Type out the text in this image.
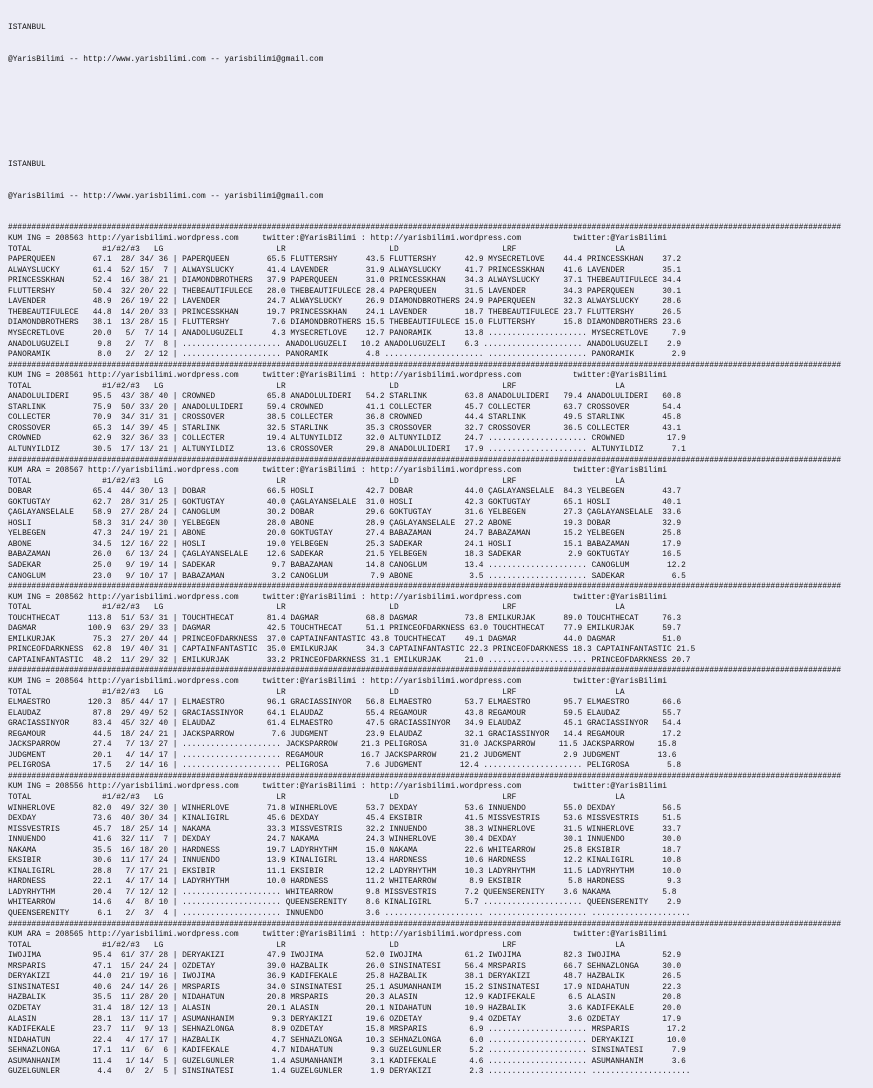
ISTANBUL

@YarisBilimi -- http://www.yarisbilimi.com -- yarisbilimi@gmail.com

ISTANBUL

@YarisBilimi -- http://www.yarisbilimi.com -- yarisbilimi@gmail.com

#################################################################################################################################################################################
KUM ING = 208563 http://yarisbilimi.wordpress.com     twitter:@YarisBilimi : http://yarisbilimi.wordpress.com           twitter:@YarisBilimi
TOTAL               #1/#2/#3   LG                        LR                      LD                      LRF                     LA
PAPERQUEEN        67.1  28/ 34/ 36 | PAPERQUEEN        65.5 FLUTTERSHY      43.5 FLUTTERSHY      42.9 MYSECRETLOVE    44.4 PRINCESSKHAN    37.2
ALWAYSLUCKY       61.4  52/ 15/  7 | ALWAYSLUCKY       41.4 LAVENDER        31.9 ALWAYSLUCKY     41.7 PRINCESSKHAN    41.6 LAVENDER        35.1
PRINCESSKHAN      52.4  16/ 38/ 21 | DIAMONDBROTHERS   37.9 PAPERQUEEN      31.0 PRINCESSKHAN    34.3 ALWAYSLUCKY     37.1 THEBEAUTIFULECE 34.4
FLUTTERSHY        50.4  32/ 20/ 22 | THEBEAUTIFULECE   28.0 THEBEAUTIFULECE 28.4 PAPERQUEEN      31.5 LAVENDER        34.3 PAPERQUEEN      30.1
LAVENDER          48.9  26/ 19/ 22 | LAVENDER          24.7 ALWAYSLUCKY     26.9 DIAMONDBROTHERS 24.9 PAPERQUEEN      32.3 ALWAYSLUCKY     28.6
THEBEAUTIFULECE   44.8  14/ 20/ 33 | PRINCESSKHAN      19.7 PRINCESSKHAN    24.1 LAVENDER        18.7 THEBEAUTIFULECE 23.7 FLUTTERSHY      26.5
DIAMONDBROTHERS   38.1  13/ 28/ 15 | FLUTTERSHY         7.6 DIAMONDBROTHERS 15.5 THEBEAUTIFULECE 15.0 FLUTTERSHY      15.8 DIAMONDBROTHERS 23.6
MYSECRETLOVE      20.0   5/  7/ 14 | ANADOLUGÜZELI      4.3 MYSECRETLOVE    12.7 PANORAMIK       13.8 ..................... MYSECRETLOVE     7.9
ANADOLUGÜZELI      9.8   2/  7/  8 | ..................... ANADOLUGÜZELI   10.2 ANADOLUGÜZELI    6.3 ..................... ANADOLUGÜZELI    2.9
PANORAMIK          8.0   2/  2/ 12 | ..................... PANORAMIK        4.8 ..................... ..................... PANORAMIK        2.9
#################################################################################################################################################################################
KUM ING = 208561 http://yarisbilimi.wordpress.com     twitter:@YarisBilimi : http://yarisbilimi.wordpress.com           twitter:@YarisBilimi
TOTAL               #1/#2/#3   LG                        LR                      LD                      LRF                     LA
ANADOLULIDERI     95.5  43/ 38/ 40 | CROWNED           65.8 ANADOLULIDERI   54.2 STARLINK        63.8 ANADOLULIDERI   79.4 ANADOLULIDERI   60.8
STARLINK          75.9  50/ 33/ 20 | ANADOLULIDERI     59.4 CROWNED         41.1 COLLECTER       45.7 COLLECTER       63.7 CROSSOVER       54.4
COLLECTER         70.9  34/ 31/ 31 | CROSSOVER         38.5 COLLECTER       36.8 CROWNED         44.4 STARLINK        49.5 STARLINK        45.8
CROSSOVER         65.3  14/ 39/ 45 | STARLINK          32.5 STARLINK        35.3 CROSSOVER       32.7 CROSSOVER       36.5 COLLECTER       43.1
CROWNED           62.9  32/ 36/ 33 | COLLECTER         19.4 ALTUNYILDIZ     32.0 ALTUNYILDIZ     24.7 ..................... CROWNED         17.9
ALTUNYILDIZ       30.5  17/ 13/ 21 | ALTUNYILDIZ       13.6 CROSSOVER       29.8 ANADOLULIDERI   17.9 ..................... ALTUNYILDIZ      7.1
#################################################################################################################################################################################
KUM ARA = 208567 http://yarisbilimi.wordpress.com     twitter:@YarisBilimi : http://yarisbilimi.wordpress.com           twitter:@YarisBilimi
TOTAL               #1/#2/#3   LG                        LR                      LD                      LRF                     LA
DOBAR             65.4  44/ 30/ 13 | DOBAR             66.5 HOSLI           42.7 DOBAR           44.0 ÇAGLAYANSELALE  84.3 YELBEGEN        43.7
GÖKTUGTAY         62.7  28/ 31/ 25 | GÖKTUGTAY         40.0 ÇAGLAYANSELALE  31.0 HOSLI           42.3 GÖKTUGTAY       65.1 HOSLI           40.1
ÇAGLAYANSELALE    58.9  27/ 28/ 24 | CANOGLUM          30.2 DOBAR           29.6 GÖKTUGTAY       31.6 YELBEGEN        27.3 ÇAGLAYANSELALE  33.6
HOSLI             58.3  31/ 24/ 30 | YELBEGEN          28.0 ABONE           28.9 ÇAGLAYANSELALE  27.2 ABONE           19.3 DOBAR           32.9
YELBEGEN          47.3  24/ 19/ 21 | ABONE             20.0 GÖKTUGTAY       27.4 BABAZAMAN       24.7 BABAZAMAN       15.2 YELBEGEN        25.8
ABONE             34.5  12/ 16/ 22 | HOSLI             19.0 YELBEGEN        25.3 SADEKAR         24.1 HOSLI           15.1 BABAZAMAN       17.9
BABAZAMAN         26.0   6/ 13/ 24 | ÇAGLAYANSELALE    12.6 SADEKAR         21.5 YELBEGEN        18.3 SADEKAR          2.9 GÖKTUGTAY       16.5
SADEKAR           25.0   9/ 19/ 14 | SADEKAR            9.7 BABAZAMAN       14.8 CANOGLUM        13.4 ..................... CANOGLUM        12.2
CANOGLUM          23.0   9/ 10/ 17 | BABAZAMAN          3.2 CANOGLUM         7.9 ABONE            3.5 ..................... SADEKAR          6.5
#################################################################################################################################################################################
KUM ING = 208562 http://yarisbilimi.wordpress.com     twitter:@YarisBilimi : http://yarisbilimi.wordpress.com           twitter:@YarisBilimi
TOTAL               #1/#2/#3   LG                        LR                      LD                      LRF                     LA
TOUCHTHECAT      113.8  51/ 53/ 31 | TOUCHTHECAT       81.4 DAGMAR          68.8 DAGMAR          73.8 EMILKURJAK      89.0 TOUCHTHECAT     76.3
DAGMAR           100.9  63/ 29/ 33 | DAGMAR            42.5 TOUCHTHECAT     51.1 PRINCEOFDARKNESS 63.0 TOUCHTHECAT    77.9 EMILKURJAK      59.7
EMILKURJAK        75.3  27/ 20/ 44 | PRINCEOFDARKNESS  37.0 CAPTAINFANTASTIC 43.8 TOUCHTHECAT    49.1 DAGMAR          44.0 DAGMAR          51.0
PRINCEOFDARKNESS  62.8  19/ 40/ 31 | CAPTAINFANTASTIC  35.0 EMILKURJAK      34.3 CAPTAINFANTASTIC 22.3 PRINCEOFDARKNESS 18.3 CAPTAINFANTASTIC 21.5
CAPTAINFANTASTIC  48.2  11/ 29/ 32 | EMILKURJAK        33.2 PRINCEOFDARKNESS 31.1 EMILKURJAK     21.0 ..................... PRINCEOFDARKNESS 20.7
#################################################################################################################################################################################
KUM ING = 208564 http://yarisbilimi.wordpress.com     twitter:@YarisBilimi : http://yarisbilimi.wordpress.com           twitter:@YarisBilimi
TOTAL               #1/#2/#3   LG                        LR                      LD                      LRF                     LA
ELMAESTRO        120.3  85/ 44/ 17 | ELMAESTRO         96.1 GRACIASSINYOR   56.8 ELMAESTRO       53.7 ELMAESTRO       95.7 ELMAESTRO       66.6
ELAUDAZ           87.8  29/ 49/ 52 | GRACIASSINYOR     64.1 ELAUDAZ         55.4 REGAMOUR        43.8 REGAMOUR        59.5 ELAUDAZ         55.7
GRACIASSINYOR     83.4  45/ 32/ 40 | ELAUDAZ           61.4 ELMAESTRO       47.5 GRACIASSINYOR   34.9 ELAUDAZ         45.1 GRACIASSINYOR   54.4
REGAMOUR          44.5  18/ 24/ 21 | JACKSPARROW        7.6 JUDGMENT        23.9 ELAUDAZ         32.1 GRACIASSINYOR   14.4 REGAMOUR        17.2
JACKSPARROW       27.4   7/ 13/ 27 | ..................... JACKSPARROW     21.3 PELIGROSA       31.0 JACKSPARROW     11.5 JACKSPARROW     15.8
JUDGMENT          20.1   4/ 14/ 17 | ..................... REGAMOUR        16.7 JACKSPARROW     21.2 JUDGMENT         2.9 JUDGMENT        13.6
PELIGROSA         17.5   2/ 14/ 16 | ..................... PELIGROSA        7.6 JUDGMENT        12.4 ..................... PELIGROSA        5.8
#################################################################################################################################################################################
KUM ING = 208556 http://yarisbilimi.wordpress.com     twitter:@YarisBilimi : http://yarisbilimi.wordpress.com           twitter:@YarisBilimi
TOTAL               #1/#2/#3   LG                        LR                      LD                      LRF                     LA
WINHERLOVE        82.0  49/ 32/ 30 | WINHERLOVE        71.8 WINHERLOVE      53.7 DEXDAY          53.6 INNUENDO        55.0 DEXDAY          56.5
DEXDAY            73.6  40/ 30/ 34 | KINALIGIRL        45.6 DEXDAY          45.4 EKSIBIR         41.5 MISSVESTRIS     53.6 MISSVESTRIS     51.5
MISSVESTRIS       45.7  18/ 25/ 14 | NAKAMA            33.3 MISSVESTRIS     32.2 INNUENDO        38.3 WINHERLOVE      31.5 WINHERLOVE      33.7
INNUENDO          41.6  32/ 11/  7 | DEXDAY            24.7 NAKAMA          24.3 WINHERLOVE      30.4 DEXDAY          30.1 INNUENDO        30.0
NAKAMA            35.5  16/ 18/ 20 | HARDNESS          19.7 LADYRHYTHM      15.0 NAKAMA          22.6 WHITEARROW      25.8 EKSIBIR         18.7
EKSIBIR           30.6  11/ 17/ 24 | INNUENDO          13.9 KINALIGIRL      13.4 HARDNESS        10.6 HARDNESS        12.2 KINALIGIRL      10.8
KINALIGIRL        28.8   7/ 17/ 21 | EKSIBIR           11.1 EKSIBIR         12.2 LADYRHYTHM      10.3 LADYRHYTHM      11.5 LADYRHYTHM      10.0
HARDNESS          22.1   4/ 17/ 14 | LADYRHYTHM        10.0 HARDNESS        11.2 WHITEARROW       8.9 EKSIBIR          5.8 HARDNESS         9.3
LADYRHYTHM        20.4   7/ 12/ 12 | ..................... WHITEARROW       9.8 MISSVESTRIS      7.2 QUEENSERENITY    3.6 NAKAMA           5.8
WHITEARROW        14.6   4/  8/ 10 | ..................... QUEENSERENITY    8.6 KINALIGIRL       5.7 ..................... QUEENSERENITY    2.9
QUEENSERENITY      6.1   2/  3/  4 | ..................... INNUENDO         3.6 ..................... ..................... .....................
#################################################################################################################################################################################
KUM ARA = 208565 http://yarisbilimi.wordpress.com     twitter:@YarisBilimi : http://yarisbilimi.wordpress.com           twitter:@YarisBilimi
TOTAL               #1/#2/#3   LG                        LR                      LD                      LRF                     LA
IWOJIMA           95.4  61/ 37/ 28 | DERYAKIZI         47.9 IWOJIMA         52.0 IWOJIMA         61.2 IWOJIMA         82.3 IWOJIMA         52.9
MRSPARIS          47.1  15/ 24/ 24 | ÖZDETAY           39.0 HAZBALIK        26.0 SINSINATESI     56.4 MRSPARIS        66.7 SEHNAZLONGA     30.0
DERYAKIZI         44.0  21/ 19/ 16 | IWOJIMA           36.9 KADIFEKALE      25.8 HAZBALIK        38.1 DERYAKIZI       48.7 HAZBALIK        26.5
SINSINATESI       40.6  24/ 14/ 26 | MRSPARIS          34.0 SINSINATESI     25.1 ASUMANHANIM     15.2 SINSINATESI     17.9 NIDAHATUN       22.3
HAZBALIK          35.5  11/ 28/ 20 | NIDAHATUN         20.8 MRSPARIS        20.3 ALASIN          12.9 KADIFEKALE       6.5 ALASIN          20.8
ÖZDETAY           31.4  18/ 12/ 13 | ALASIN            20.1 ALASIN          20.1 NIDAHATUN       10.9 HAZBALIK         3.6 KADIFEKALE      20.0
ALASIN            28.1  13/ 11/ 17 | ASUMANHANIM        9.3 DERYAKIZI       19.6 ÖZDETAY          9.4 ÖZDETAY          3.6 ÖZDETAY         17.9
KADIFEKALE        23.7  11/  9/ 13 | SEHNAZLONGA        8.9 ÖZDETAY         15.8 MRSPARIS         6.9 ..................... MRSPARIS        17.2
NIDAHATUN         22.4   4/ 17/ 17 | HAZBALIK           4.7 SEHNAZLONGA     10.3 SEHNAZLONGA      6.0 ..................... DERYAKIZI       10.0
SEHNAZLONGA       17.1  11/  6/  6 | KADIFEKALE         4.7 NIDAHATUN        9.3 GÜZELGÜNLER      5.2 ..................... SINSINATESI      7.9
ASUMANHANIM       11.4   1/ 14/  5 | GÜZELGÜNLER        1.4 ASUMANHANIM      3.1 KADIFEKALE       4.6 ..................... ASUMANHANIM      3.6
GÜZELGÜNLER        4.4   0/  2/  5 | SINSINATESI        1.4 GÜZELGÜNLER      1.9 DERYAKIZI        2.3 ..................... .....................
